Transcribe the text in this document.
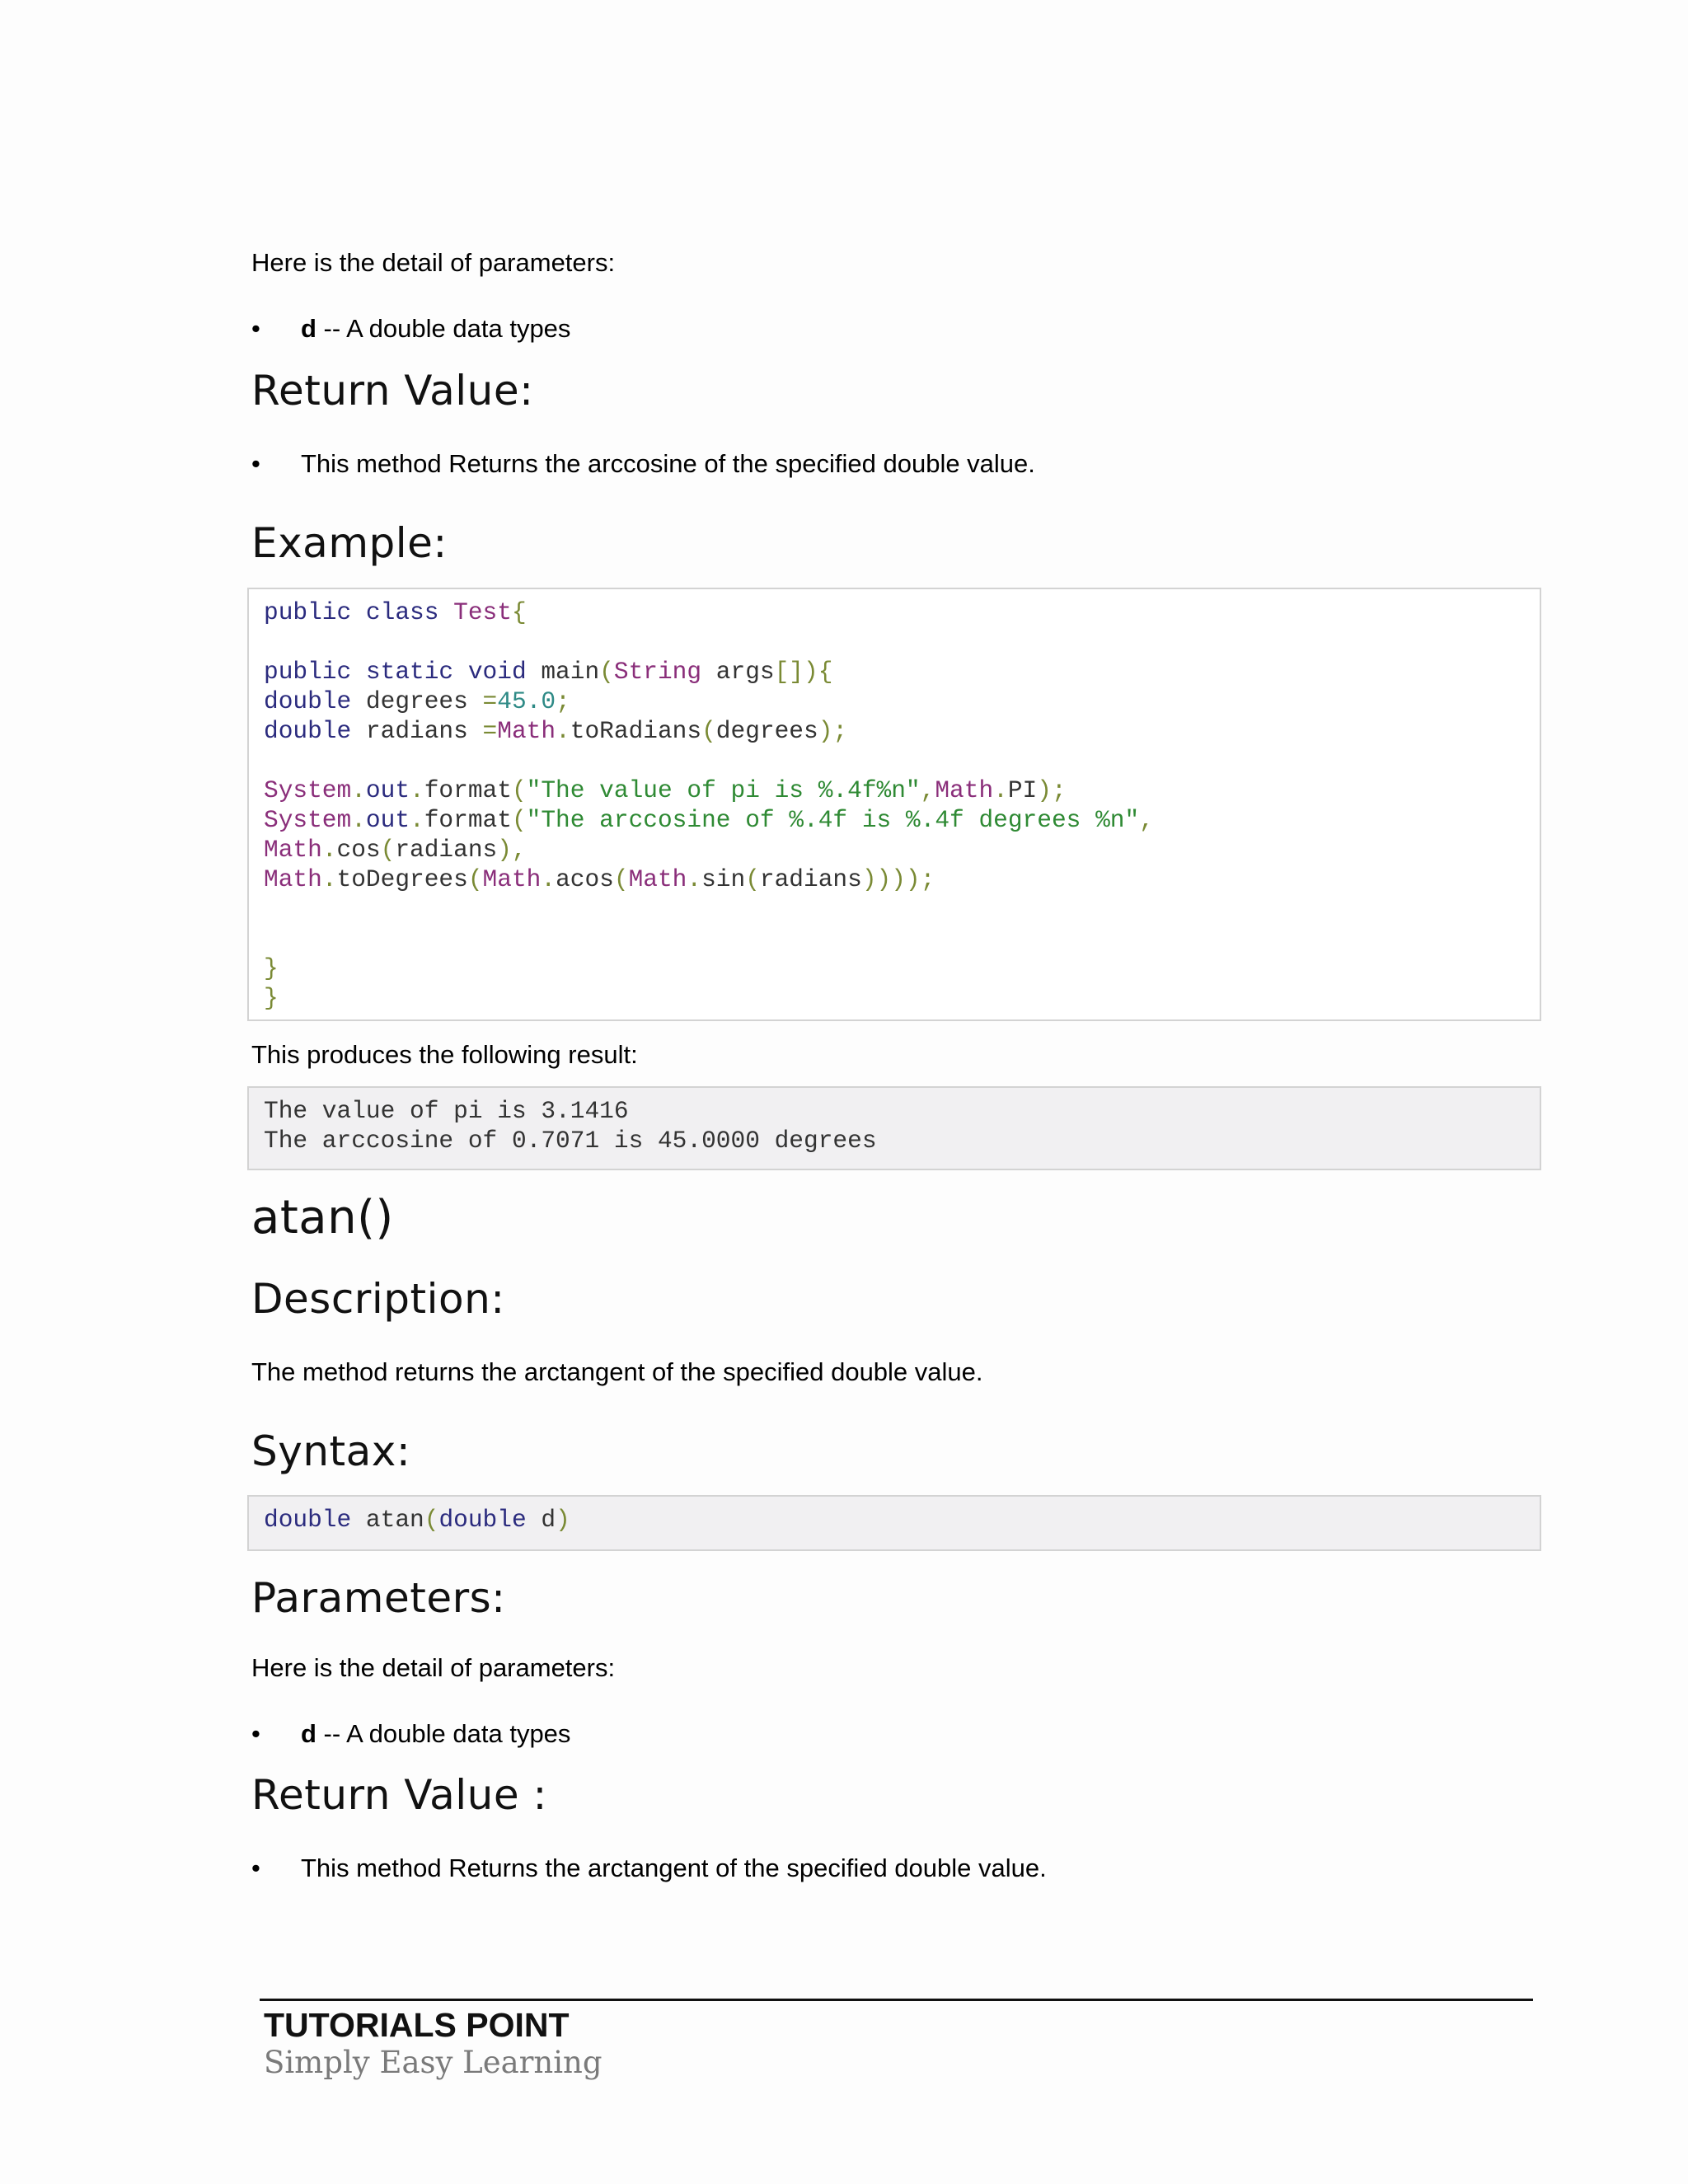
Here is the detail of parameters:
• d -- A double data types
Return Value:
• This method Returns the arccosine of the specified double value.
Example:
public class Test{
public static void main(String args[]){
double degrees =45.0;
double radians =Math.toRadians(degrees);
System.out.format("The value of pi is %.4f%n",Math.PI);
System.out.format("The arccosine of %.4f is %.4f degrees %n",
Math.cos(radians),
Math.toDegrees(Math.acos(Math.sin(radians))));
}
}
This produces the following result:
The value of pi is 3.1416
The arccosine of 0.7071 is 45.0000 degrees
atan()
Description:
The method returns the arctangent of the specified double value.
Syntax:
double atan(double d)
Parameters:
Here is the detail of parameters:
• d -- A double data types
Return Value :
• This method Returns the arctangent of the specified double value.
TUTORIALS POINT
Simply Easy Learning
